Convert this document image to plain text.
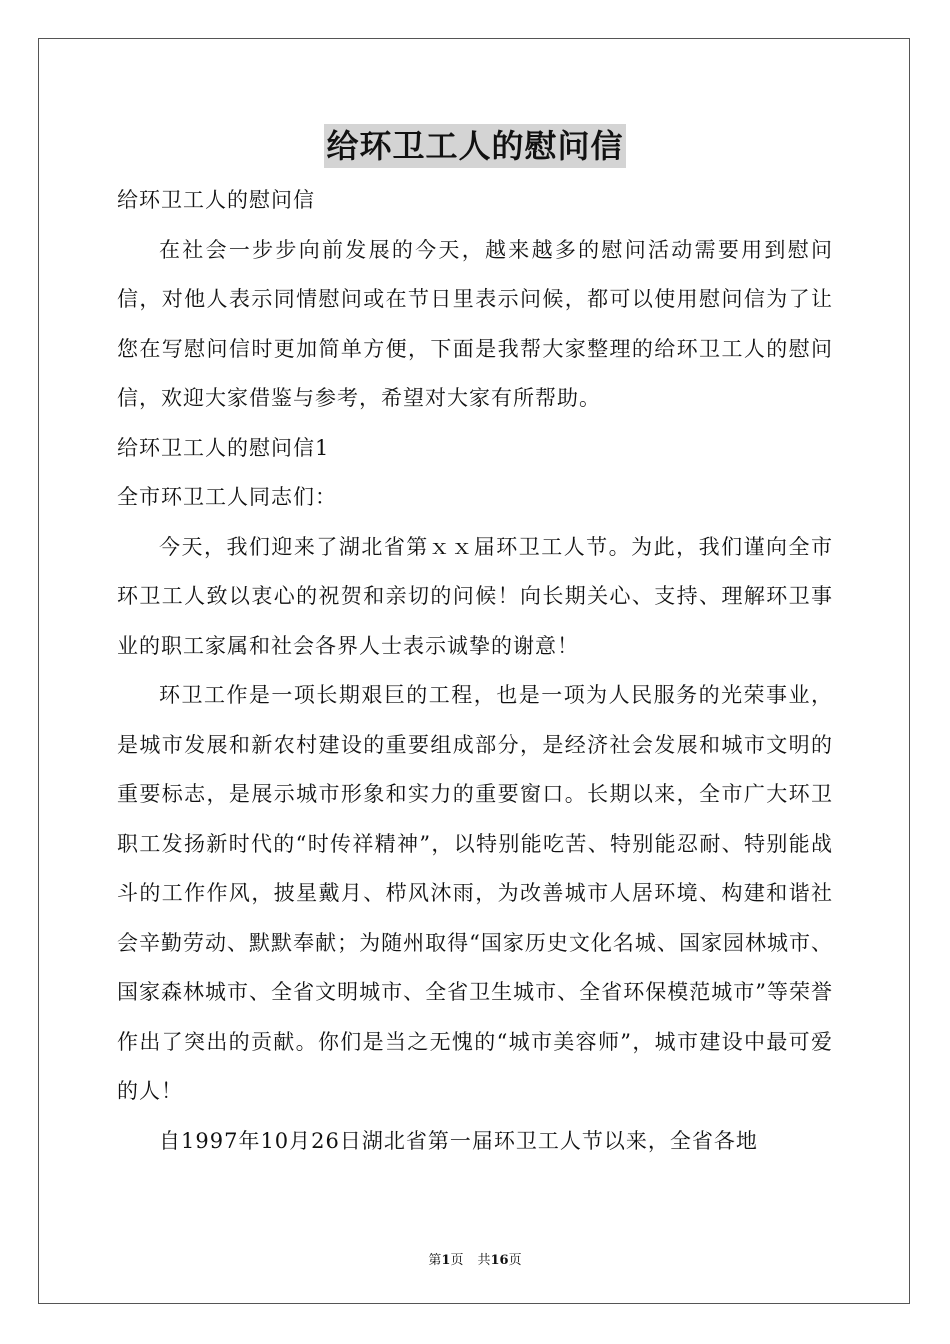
给环卫工人的慰问信

给环卫工人的慰问信

在社会一步步向前发展的今天，越来越多的慰问活动需要用到慰问信，对他人表示同情慰问或在节日里表示问候，都可以使用慰问信为了让您在写慰问信时更加简单方便，下面是我帮大家整理的给环卫工人的慰问信，欢迎大家借鉴与参考，希望对大家有所帮助。

给环卫工人的慰问信1

全市环卫工人同志们：

今天，我们迎来了湖北省第ｘｘ届环卫工人节。为此，我们谨向全市环卫工人致以衷心的祝贺和亲切的问候！向长期关心、支持、理解环卫事业的职工家属和社会各界人士表示诚挚的谢意！

环卫工作是一项长期艰巨的工程，也是一项为人民服务的光荣事业，是城市发展和新农村建设的重要组成部分，是经济社会发展和城市文明的重要标志，是展示城市形象和实力的重要窗口。长期以来，全市广大环卫职工发扬新时代的“时传祥精神”，以特别能吃苦、特别能忍耐、特别能战斗的工作作风，披星戴月、栉风沐雨，为改善城市人居环境、构建和谐社会辛勤劳动、默默奉献；为随州取得“国家历史文化名城、国家园林城市、国家森林城市、全省文明城市、全省卫生城市、全省环保模范城市”等荣誉作出了突出的贡献。你们是当之无愧的“城市美容师”，城市建设中最可爱的人！

自1997年10月26日湖北省第一届环卫工人节以来，全省各地

第1页 共16页
